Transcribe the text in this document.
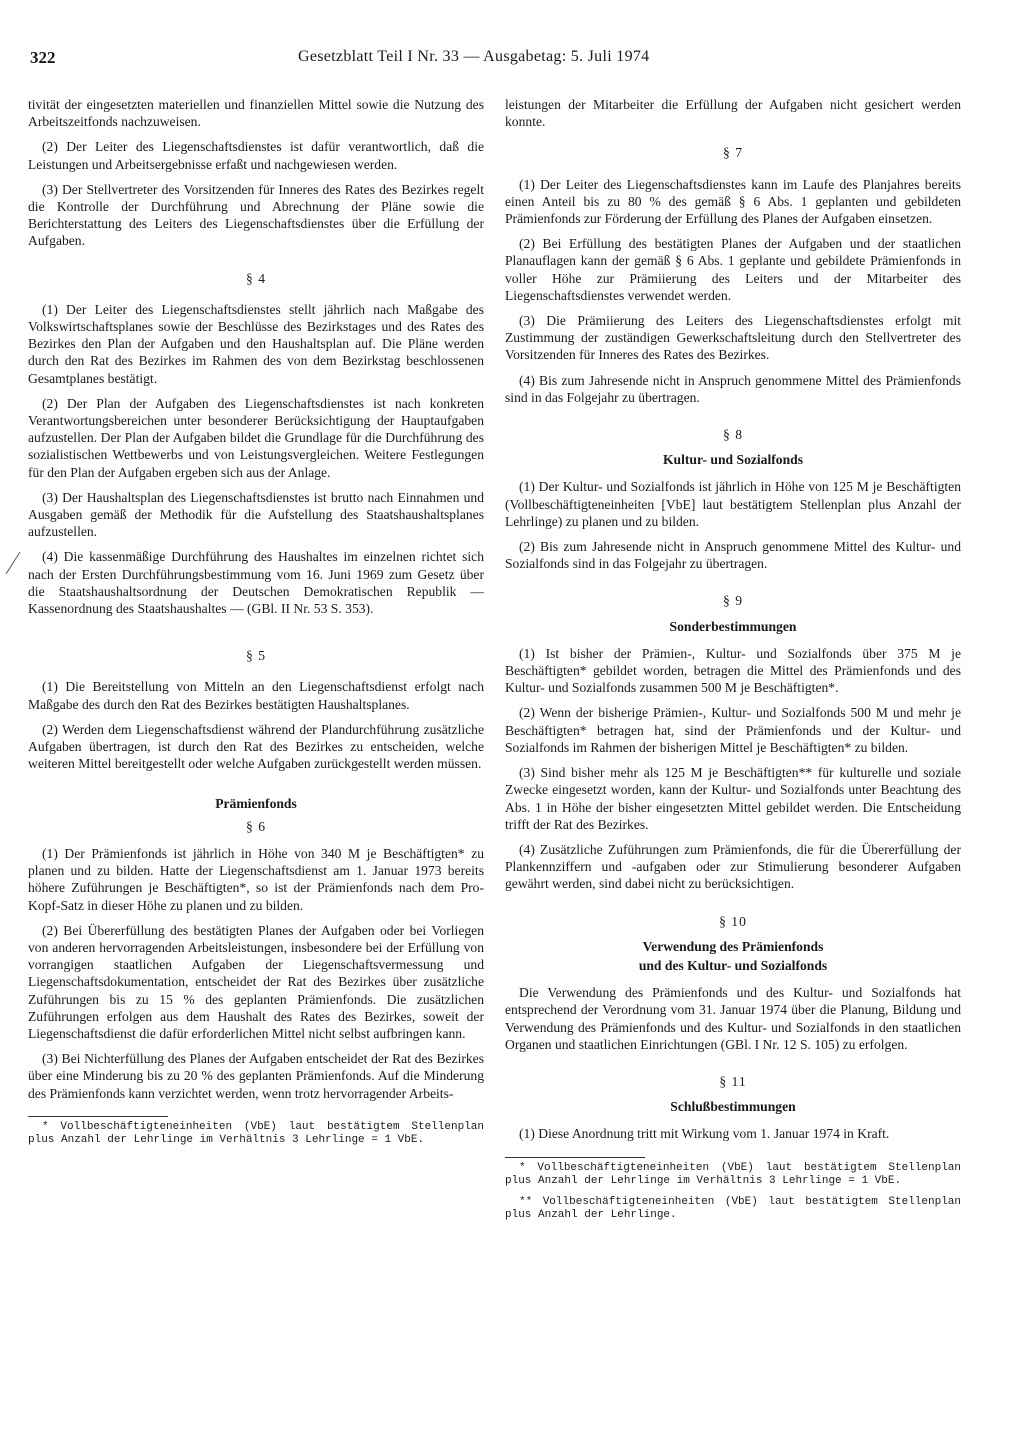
322	Gesetzblatt Teil I Nr. 33 — Ausgabetag: 5. Juli 1974

tivität der eingesetzten materiellen und finanziellen Mittel sowie die Nutzung des Arbeitszeitfonds nachzuweisen.

(2) Der Leiter des Liegenschaftsdienstes ist dafür verantwortlich, daß die Leistungen und Arbeitsergebnisse erfaßt und nachgewiesen werden.

(3) Der Stellvertreter des Vorsitzenden für Inneres des Rates des Bezirkes regelt die Kontrolle der Durchführung und Abrechnung der Pläne sowie die Berichterstattung des Leiters des Liegenschaftsdienstes über die Erfüllung der Aufgaben.

§ 4

(1) Der Leiter des Liegenschaftsdienstes stellt jährlich nach Maßgabe des Volkswirtschaftsplanes sowie der Beschlüsse des Bezirkstages und des Rates des Bezirkes den Plan der Aufgaben und den Haushaltsplan auf. Die Pläne werden durch den Rat des Bezirkes im Rahmen des von dem Bezirkstag beschlossenen Gesamtplanes bestätigt.

(2) Der Plan der Aufgaben des Liegenschaftsdienstes ist nach konkreten Verantwortungsbereichen unter besonderer Berücksichtigung der Hauptaufgaben aufzustellen. Der Plan der Aufgaben bildet die Grundlage für die Durchführung des sozialistischen Wettbewerbs und von Leistungsvergleichen. Weitere Festlegungen für den Plan der Aufgaben ergeben sich aus der Anlage.

(3) Der Haushaltsplan des Liegenschaftsdienstes ist brutto nach Einnahmen und Ausgaben gemäß der Methodik für die Aufstellung des Staatshaushaltsplanes aufzustellen.

(4) Die kassenmäßige Durchführung des Haushaltes im einzelnen richtet sich nach der Ersten Durchführungsbestimmung vom 16. Juni 1969 zum Gesetz über die Staatshaushaltsordnung der Deutschen Demokratischen Republik — Kassenordnung des Staatshaushaltes — (GBl. II Nr. 53 S. 353).

§ 5

(1) Die Bereitstellung von Mitteln an den Liegenschaftsdienst erfolgt nach Maßgabe des durch den Rat des Bezirkes bestätigten Haushaltsplanes.

(2) Werden dem Liegenschaftsdienst während der Plandurchführung zusätzliche Aufgaben übertragen, ist durch den Rat des Bezirkes zu entscheiden, welche weiteren Mittel bereitgestellt oder welche Aufgaben zurückgestellt werden müssen.

Prämienfonds
§ 6

(1) Der Prämienfonds ist jährlich in Höhe von 340 M je Beschäftigten* zu planen und zu bilden. Hatte der Liegenschaftsdienst am 1. Januar 1973 bereits höhere Zuführungen je Beschäftigten*, so ist der Prämienfonds nach dem Pro-Kopf-Satz in dieser Höhe zu planen und zu bilden.

(2) Bei Übererfüllung des bestätigten Planes der Aufgaben oder bei Vorliegen von anderen hervorragenden Arbeitsleistungen, insbesondere bei der Erfüllung von vorrangigen staatlichen Aufgaben der Liegenschaftsvermessung und Liegenschaftsdokumentation, entscheidet der Rat des Bezirkes über zusätzliche Zuführungen bis zu 15 % des geplanten Prämienfonds. Die zusätzlichen Zuführungen erfolgen aus dem Haushalt des Rates des Bezirkes, soweit der Liegenschaftsdienst die dafür erforderlichen Mittel nicht selbst aufbringen kann.

(3) Bei Nichterfüllung des Planes der Aufgaben entscheidet der Rat des Bezirkes über eine Minderung bis zu 20 % des geplanten Prämienfonds. Auf die Minderung des Prämienfonds kann verzichtet werden, wenn trotz hervorragender Arbeits-

* Vollbeschäftigteneinheiten (VbE) laut bestätigtem Stellenplan plus Anzahl der Lehrlinge im Verhältnis 3 Lehrlinge = 1 VbE.

leistungen der Mitarbeiter die Erfüllung der Aufgaben nicht gesichert werden konnte.

§ 7

(1) Der Leiter des Liegenschaftsdienstes kann im Laufe des Planjahres bereits einen Anteil bis zu 80 % des gemäß § 6 Abs. 1 geplanten und gebildeten Prämienfonds zur Förderung der Erfüllung des Planes der Aufgaben einsetzen.

(2) Bei Erfüllung des bestätigten Planes der Aufgaben und der staatlichen Planauflagen kann der gemäß § 6 Abs. 1 geplante und gebildete Prämienfonds in voller Höhe zur Prämiierung des Leiters und der Mitarbeiter des Liegenschaftsdienstes verwendet werden.

(3) Die Prämiierung des Leiters des Liegenschaftsdienstes erfolgt mit Zustimmung der zuständigen Gewerkschaftsleitung durch den Stellvertreter des Vorsitzenden für Inneres des Rates des Bezirkes.

(4) Bis zum Jahresende nicht in Anspruch genommene Mittel des Prämienfonds sind in das Folgejahr zu übertragen.

§ 8
Kultur- und Sozialfonds

(1) Der Kultur- und Sozialfonds ist jährlich in Höhe von 125 M je Beschäftigten (Vollbeschäftigteneinheiten [VbE] laut bestätigtem Stellenplan plus Anzahl der Lehrlinge) zu planen und zu bilden.

(2) Bis zum Jahresende nicht in Anspruch genommene Mittel des Kultur- und Sozialfonds sind in das Folgejahr zu übertragen.

§ 9
Sonderbestimmungen

(1) Ist bisher der Prämien-, Kultur- und Sozialfonds über 375 M je Beschäftigten* gebildet worden, betragen die Mittel des Prämienfonds und des Kultur- und Sozialfonds zusammen 500 M je Beschäftigten*.

(2) Wenn der bisherige Prämien-, Kultur- und Sozialfonds 500 M und mehr je Beschäftigten* betragen hat, sind der Prämienfonds und der Kultur- und Sozialfonds im Rahmen der bisherigen Mittel je Beschäftigten* zu bilden.

(3) Sind bisher mehr als 125 M je Beschäftigten** für kulturelle und soziale Zwecke eingesetzt worden, kann der Kultur- und Sozialfonds unter Beachtung des Abs. 1 in Höhe der bisher eingesetzten Mittel gebildet werden. Die Entscheidung trifft der Rat des Bezirkes.

(4) Zusätzliche Zuführungen zum Prämienfonds, die für die Übererfüllung der Plankennziffern und -aufgaben oder zur Stimulierung besonderer Aufgaben gewährt werden, sind dabei nicht zu berücksichtigen.

§ 10
Verwendung des Prämienfonds
und des Kultur- und Sozialfonds

Die Verwendung des Prämienfonds und des Kultur- und Sozialfonds hat entsprechend der Verordnung vom 31. Januar 1974 über die Planung, Bildung und Verwendung des Prämienfonds und des Kultur- und Sozialfonds in den staatlichen Organen und staatlichen Einrichtungen (GBl. I Nr. 12 S. 105) zu erfolgen.

§ 11
Schlußbestimmungen

(1) Diese Anordnung tritt mit Wirkung vom 1. Januar 1974 in Kraft.

* Vollbeschäftigteneinheiten (VbE) laut bestätigtem Stellenplan plus Anzahl der Lehrlinge im Verhältnis 3 Lehrlinge = 1 VbE.

** Vollbeschäftigteneinheiten (VbE) laut bestätigtem Stellenplan plus Anzahl der Lehrlinge.
